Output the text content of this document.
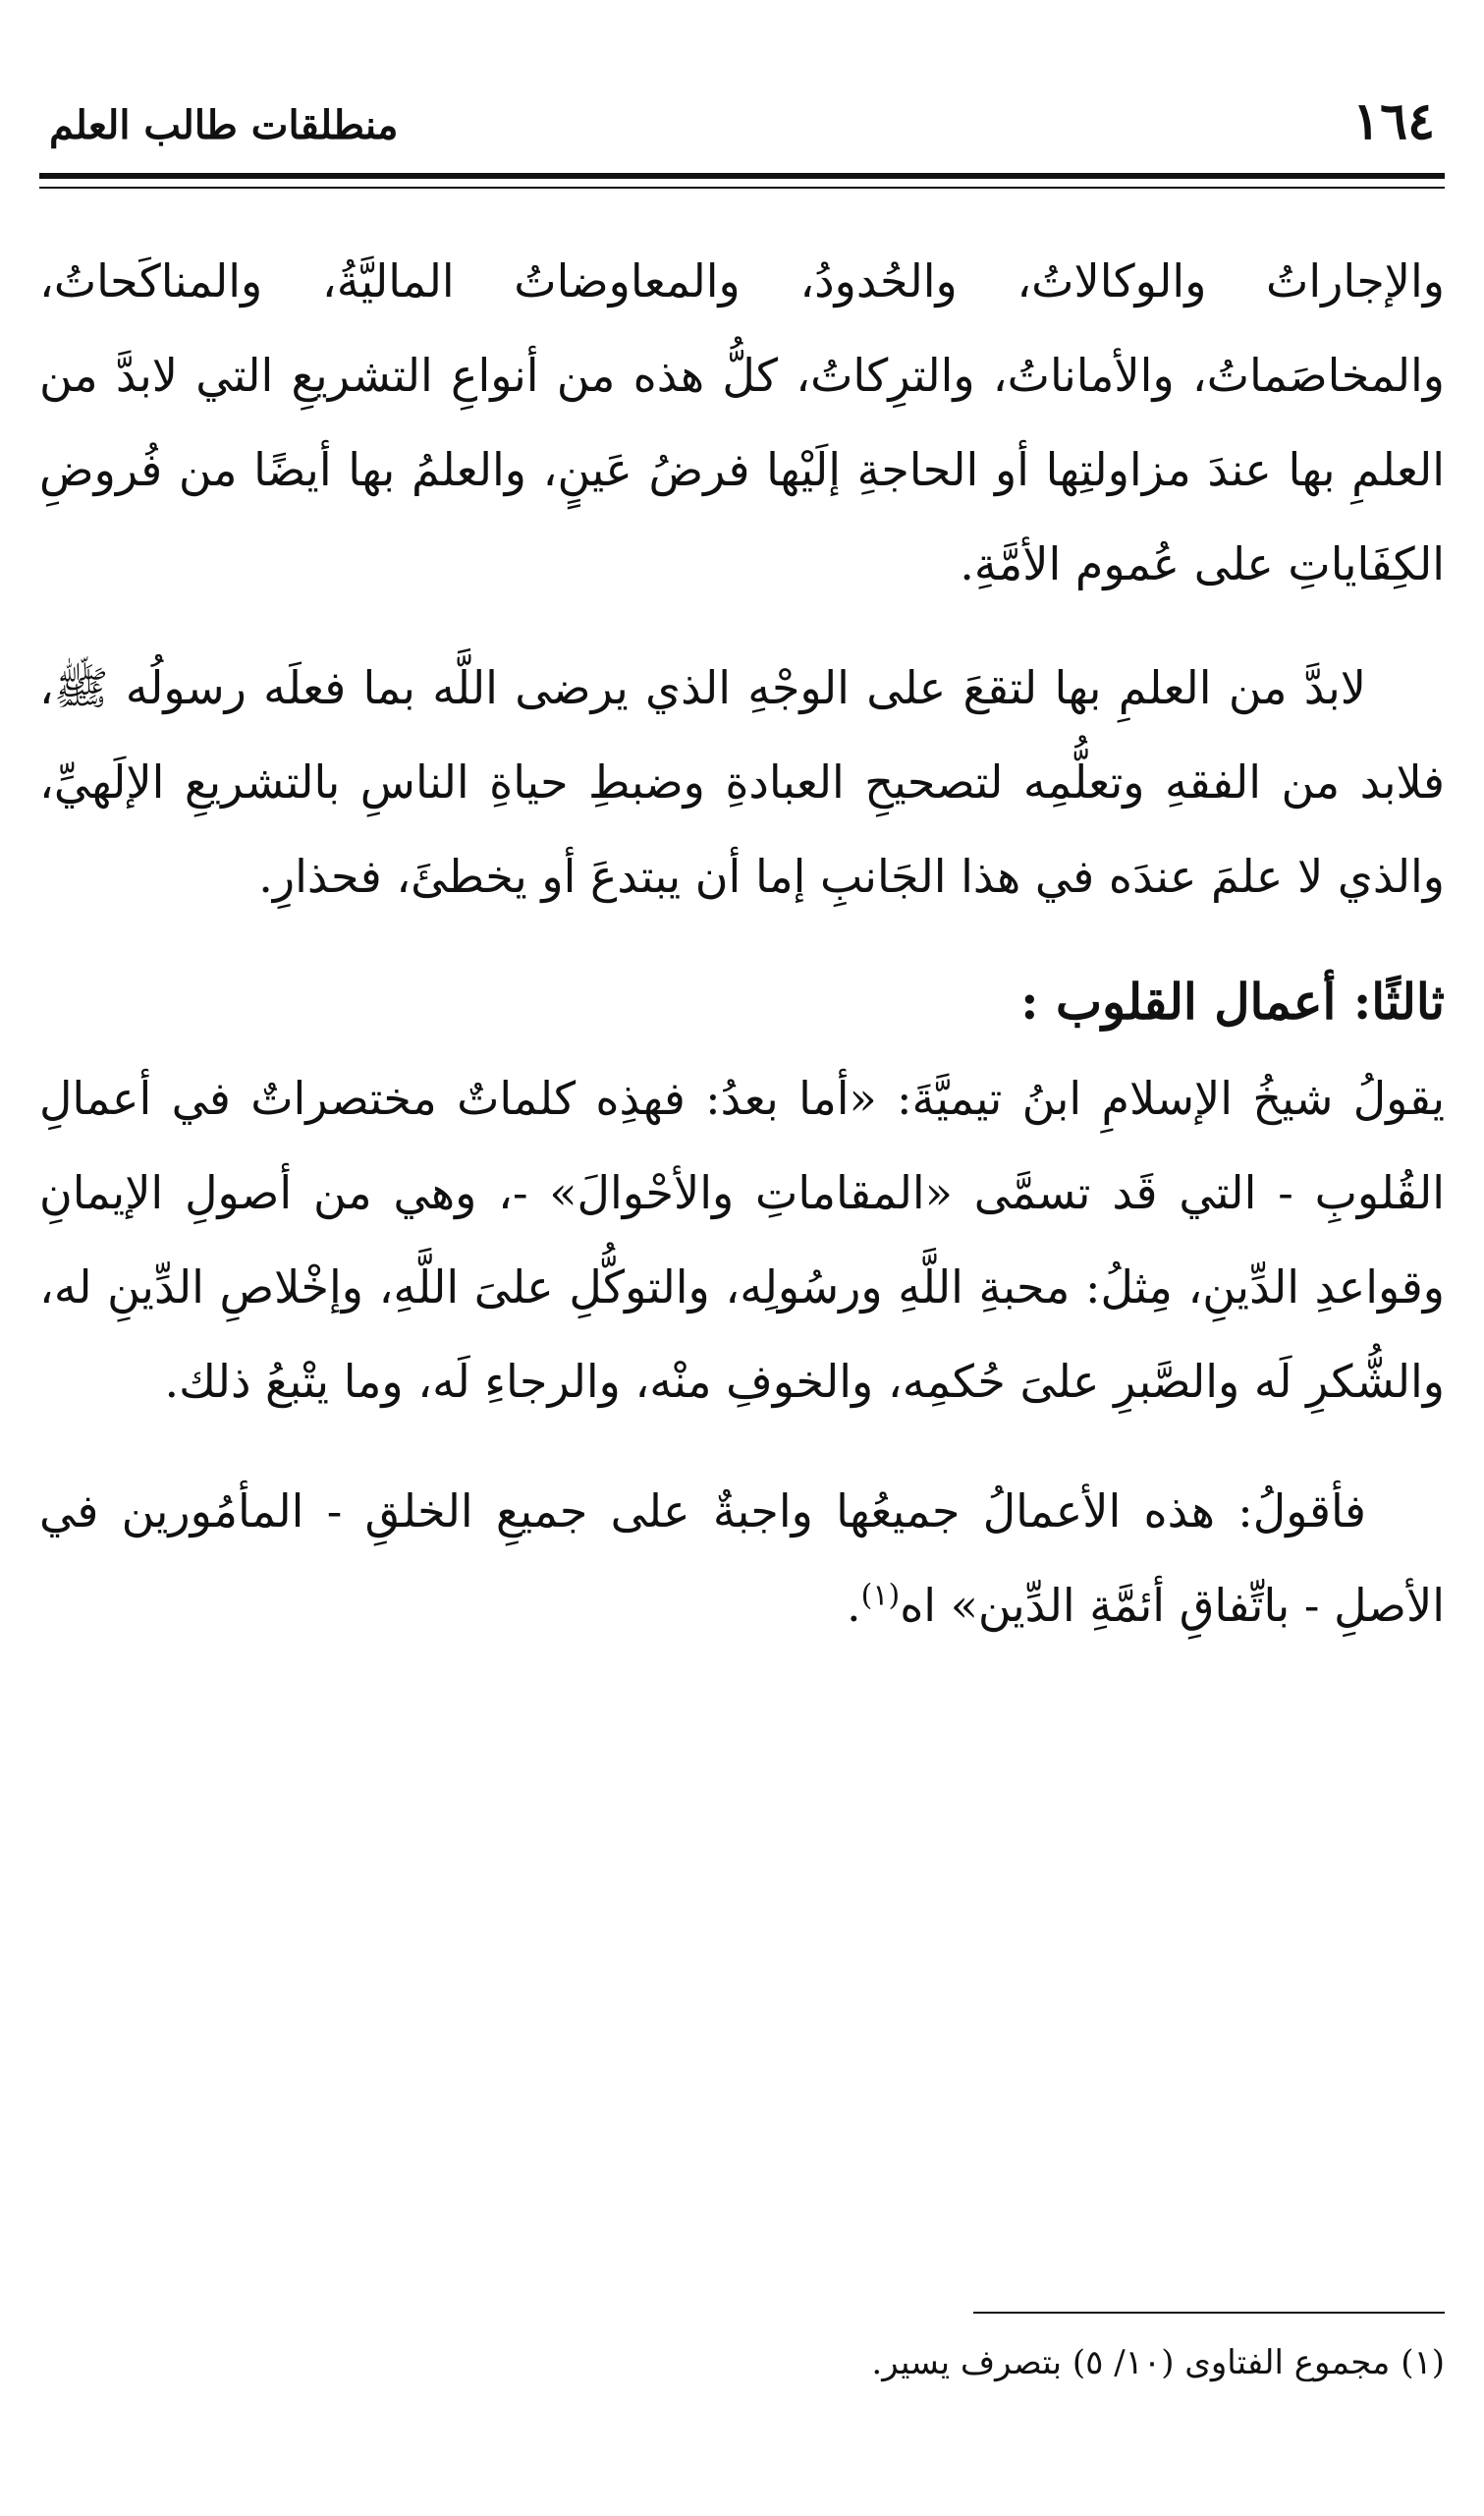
١٦٤
منطلقات طالب العلم

والإجاراتُ والوكالاتُ، والحُدودُ، والمعاوضاتُ الماليَّةُ، والمناكَحاتُ، والمخاصَماتُ، والأماناتُ، والترِكاتُ، كلُّ هذه من أنواعِ التشريعِ التي لابدَّ من العلمِ بها عندَ مزاولتِها أو الحاجةِ إلَيْها فرضُ عَينٍ، والعلمُ بها أيضًا من فُروضِ الكِفَاياتِ على عُموم الأمَّةِ.

لابدَّ من العلمِ بها لتقعَ على الوجْهِ الذي يرضى اللَّه بما فعلَه رسولُه ﷺ، فلابد من الفقهِ وتعلُّمِه لتصحيحِ العبادةِ وضبطِ حياةِ الناسِ بالتشريعِ الإلَهيِّ، والذي لا علمَ عندَه في هذا الجَانبِ إما أن يبتدعَ أو يخطئَ، فحذارِ.

ثالثًا: أعمال القلوب :

يقولُ شيخُ الإسلامِ ابنُ تيميَّةَ: «أما بعدُ: فهذِه كلماتٌ مختصراتٌ في أعمالِ القُلوبِ - التي قَد تسمَّى «المقاماتِ والأحْوالَ» -، وهي من أصولِ الإيمانِ وقواعدِ الدِّينِ، مِثلُ: محبةِ اللَّهِ ورسُولِه، والتوكُّلِ علىَ اللَّهِ، وإخْلاصِ الدِّينِ له، والشُّكرِ لَه والصَّبرِ علىَ حُكمِه، والخوفِ منْه، والرجاءِ لَه، وما يتْبعُ ذلك.

فأقولُ: هذه الأعمالُ جميعُها واجبةٌ على جميعِ الخلقِ - المأمُورين في الأصلِ - باتِّفاقِ أئمَّةِ الدِّين» اه$^{(١)}$.

(١) مجموع الفتاوى (١٠/ ٥) بتصرف يسير.
